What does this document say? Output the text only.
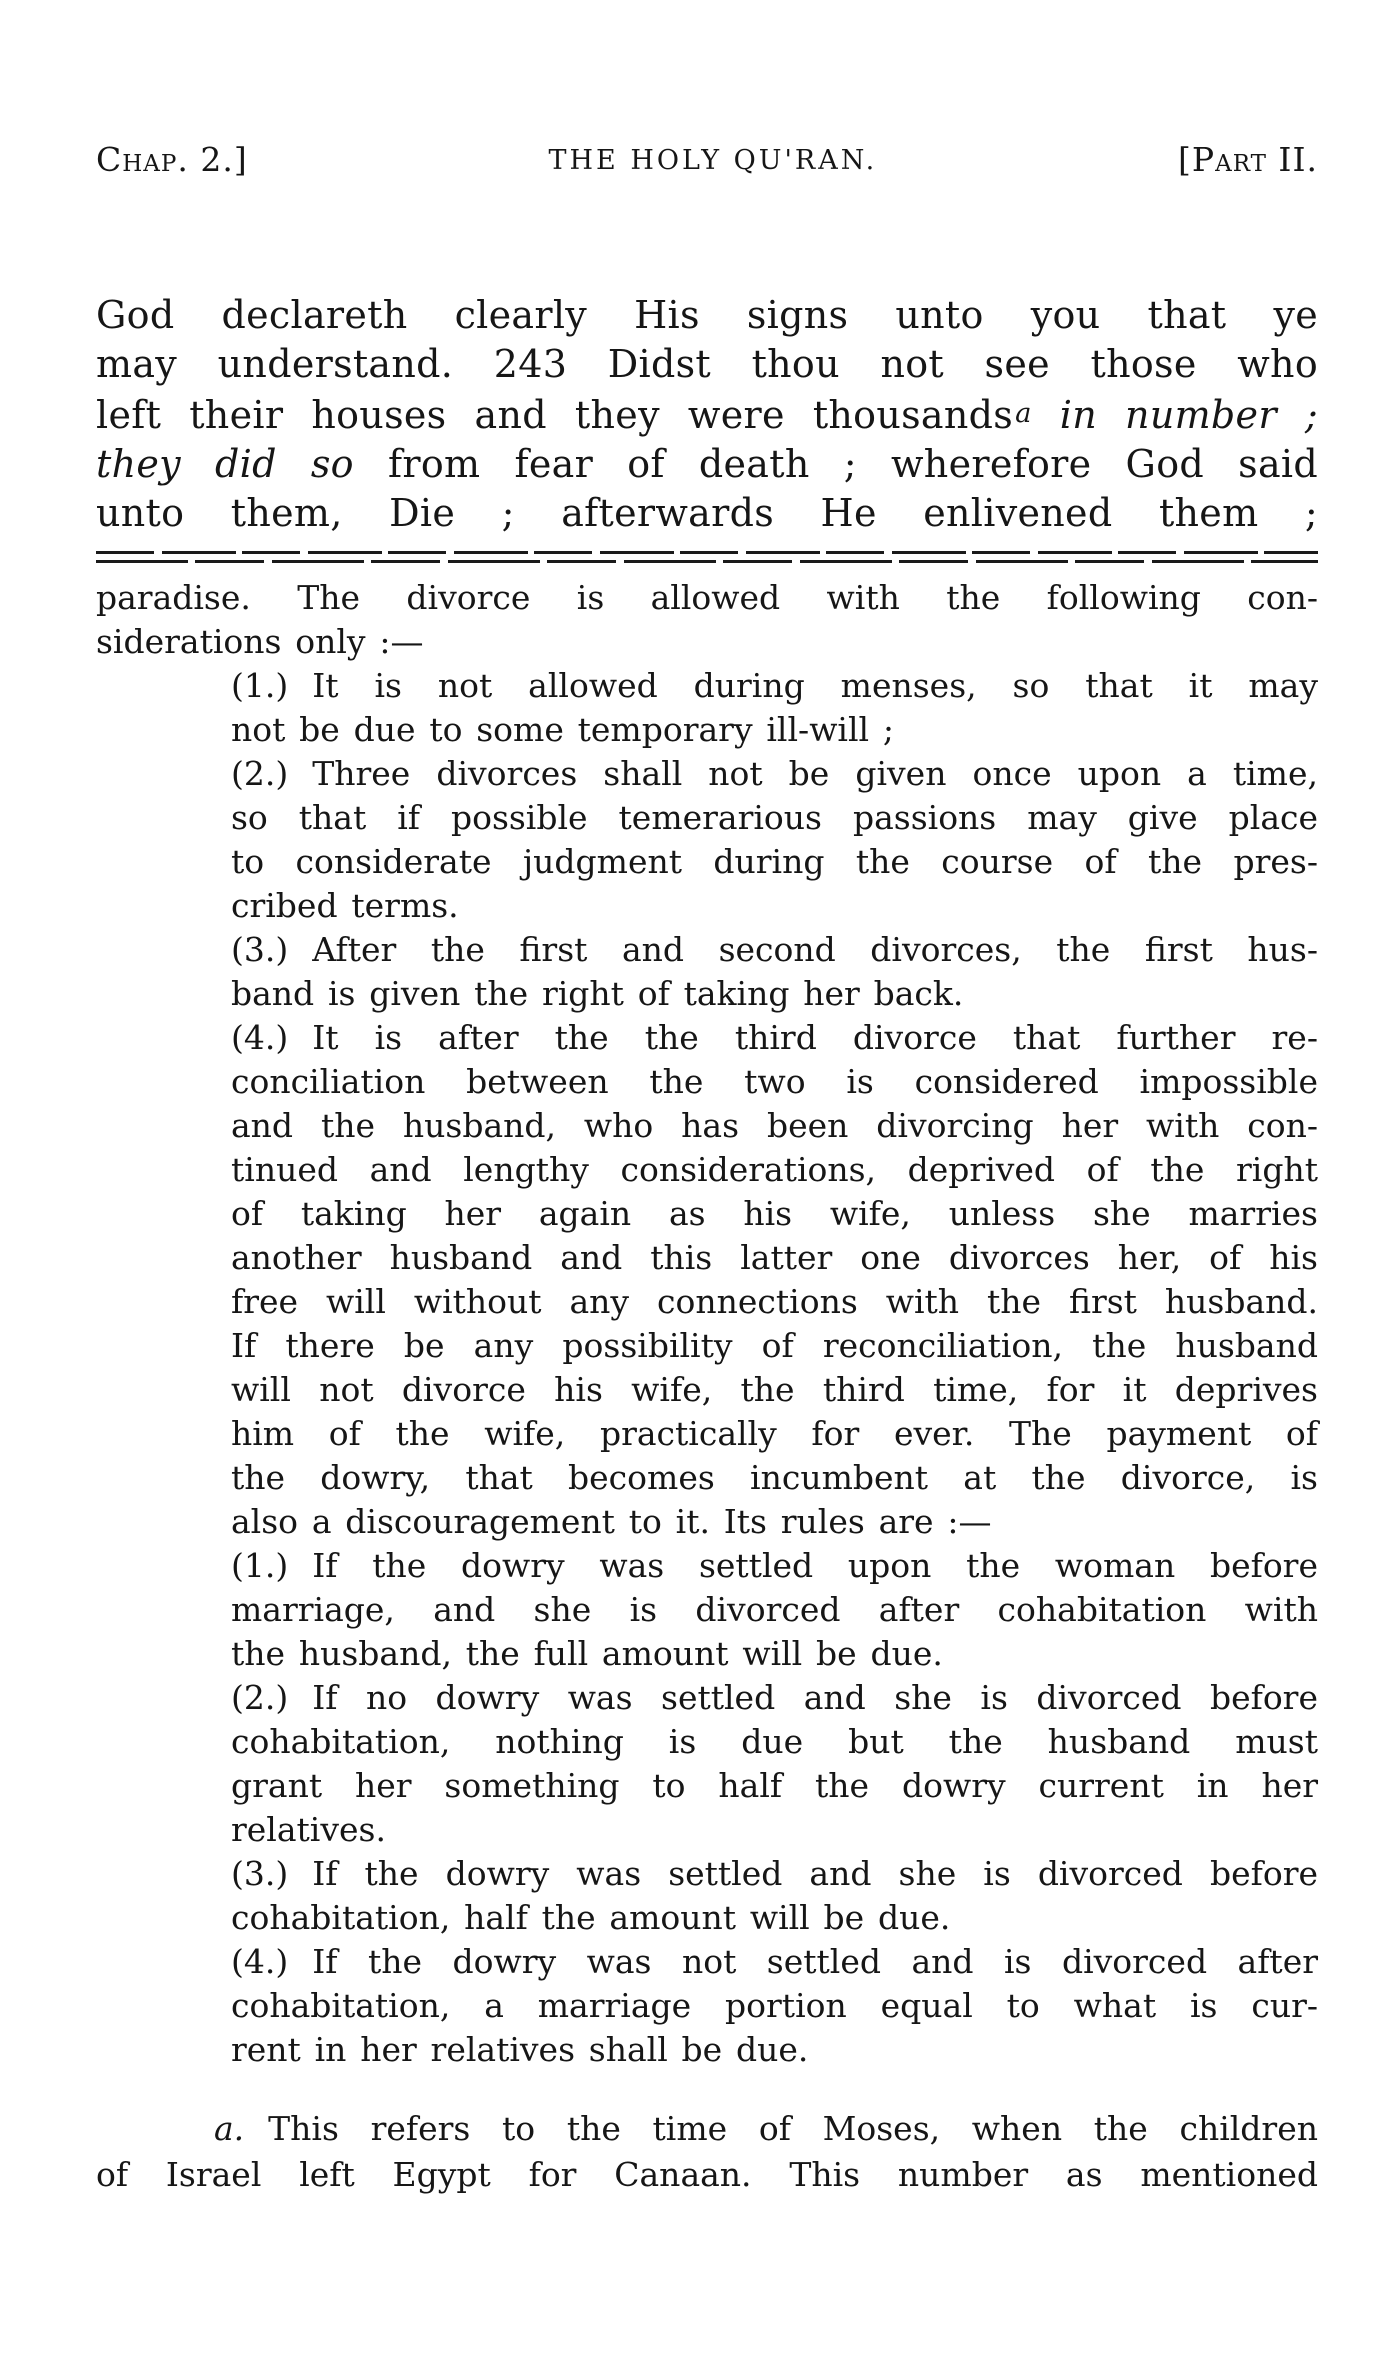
Chap. 2.]	THE HOLY QU'RAN.	[Part II.
God declareth clearly His signs unto you that ye
may understand. 243 Didst thou not see those who
left their houses and they were thousands$^a$ in number ;
they did so from fear of death ; wherefore God said
unto them, Die ; afterwards He enlivened them ;
paradise. The divorce is allowed with the following con-
siderations only :—
(1.) It is not allowed during menses, so that it may
not be due to some temporary ill-will ;
(2.) Three divorces shall not be given once upon a time,
so that if possible temerarious passions may give place
to considerate judgment during the course of the pres-
cribed terms.
(3.) After the first and second divorces, the first hus-
band is given the right of taking her back.
(4.) It is after the the third divorce that further re-
conciliation between the two is considered impossible
and the husband, who has been divorcing her with con-
tinued and lengthy considerations, deprived of the right
of taking her again as his wife, unless she marries
another husband and this latter one divorces her, of his
free will without any connections with the first husband.
If there be any possibility of reconciliation, the husband
will not divorce his wife, the third time, for it deprives
him of the wife, practically for ever. The payment of
the dowry, that becomes incumbent at the divorce, is
also a discouragement to it. Its rules are :—
(1.) If the dowry was settled upon the woman before
marriage, and she is divorced after cohabitation with
the husband, the full amount will be due.
(2.) If no dowry was settled and she is divorced before
cohabitation, nothing is due but the husband must
grant her something to half the dowry current in her
relatives.
(3.) If the dowry was settled and she is divorced before
cohabitation, half the amount will be due.
(4.) If the dowry was not settled and is divorced after
cohabitation, a marriage portion equal to what is cur-
rent in her relatives shall be due.
a. This refers to the time of Moses, when the children
of Israel left Egypt for Canaan. This number as mentioned
